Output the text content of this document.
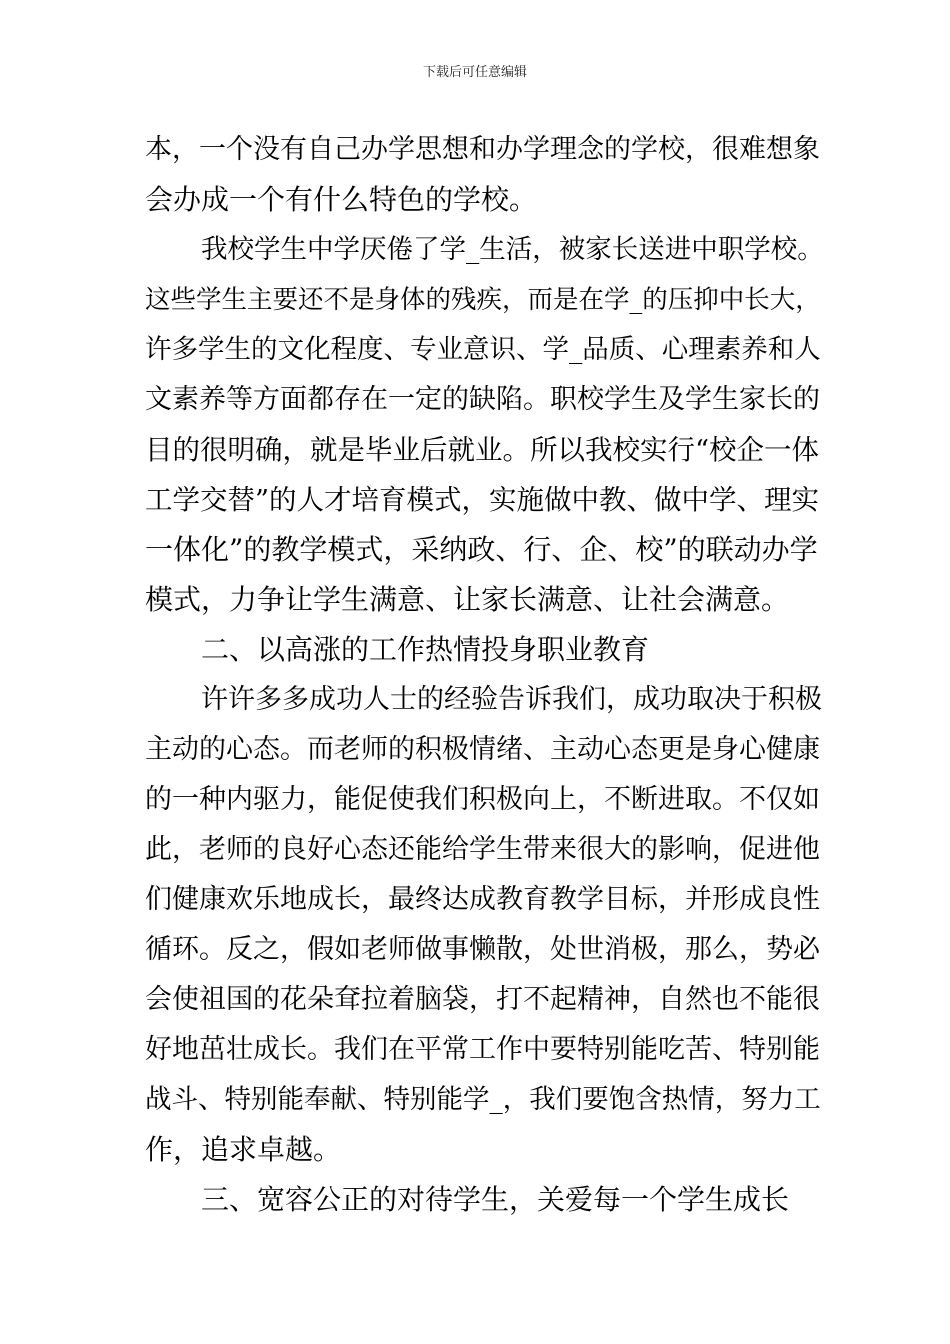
下载后可任意编辑
本，一个没有自己办学思想和办学理念的学校，很难想象
会办成一个有什么特色的学校。
我校学生中学厌倦了学_生活，被家长送进中职学校。
这些学生主要还不是身体的残疾，而是在学_的压抑中长大，
许多学生的文化程度、专业意识、学_品质、心理素养和人
文素养等方面都存在一定的缺陷。职校学生及学生家长的
目的很明确，就是毕业后就业。所以我校实行“校企一体
工学交替”的人才培育模式，实施做中教、做中学、理实
一体化”的教学模式，采纳政、行、企、校”的联动办学
模式，力争让学生满意、让家长满意、让社会满意。
二、以高涨的工作热情投身职业教育
许许多多成功人士的经验告诉我们，成功取决于积极
主动的心态。而老师的积极情绪、主动心态更是身心健康
的一种内驱力，能促使我们积极向上，不断进取。不仅如
此，老师的良好心态还能给学生带来很大的影响，促进他
们健康欢乐地成长，最终达成教育教学目标，并形成良性
循环。反之，假如老师做事懒散，处世消极，那么，势必
会使祖国的花朵耷拉着脑袋，打不起精神，自然也不能很
好地茁壮成长。我们在平常工作中要特别能吃苦、特别能
战斗、特别能奉献、特别能学_，我们要饱含热情，努力工
作，追求卓越。
三、宽容公正的对待学生，关爱每一个学生成长
